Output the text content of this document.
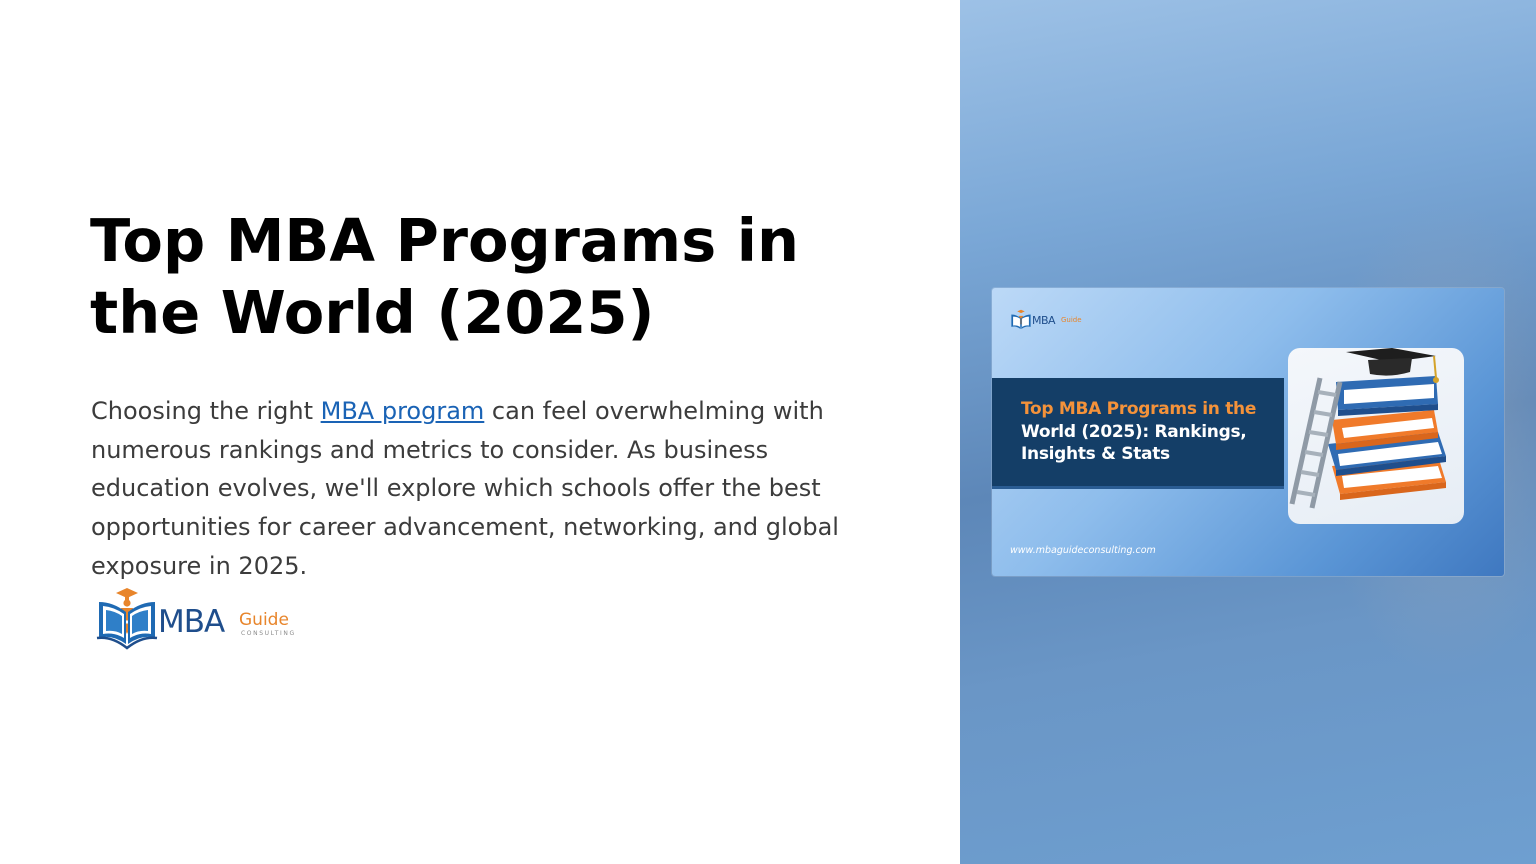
Top MBA Programs in the World (2025)

Choosing the right MBA program can feel overwhelming with numerous rankings and metrics to consider. As business education evolves, we'll explore which schools offer the best opportunities for career advancement, networking, and global exposure in 2025.

MBA Guide
CONSULTING
MBA Guide
Top MBA Programs in the
World (2025): Rankings, Insights & Stats
www.mbaguideconsulting.com
